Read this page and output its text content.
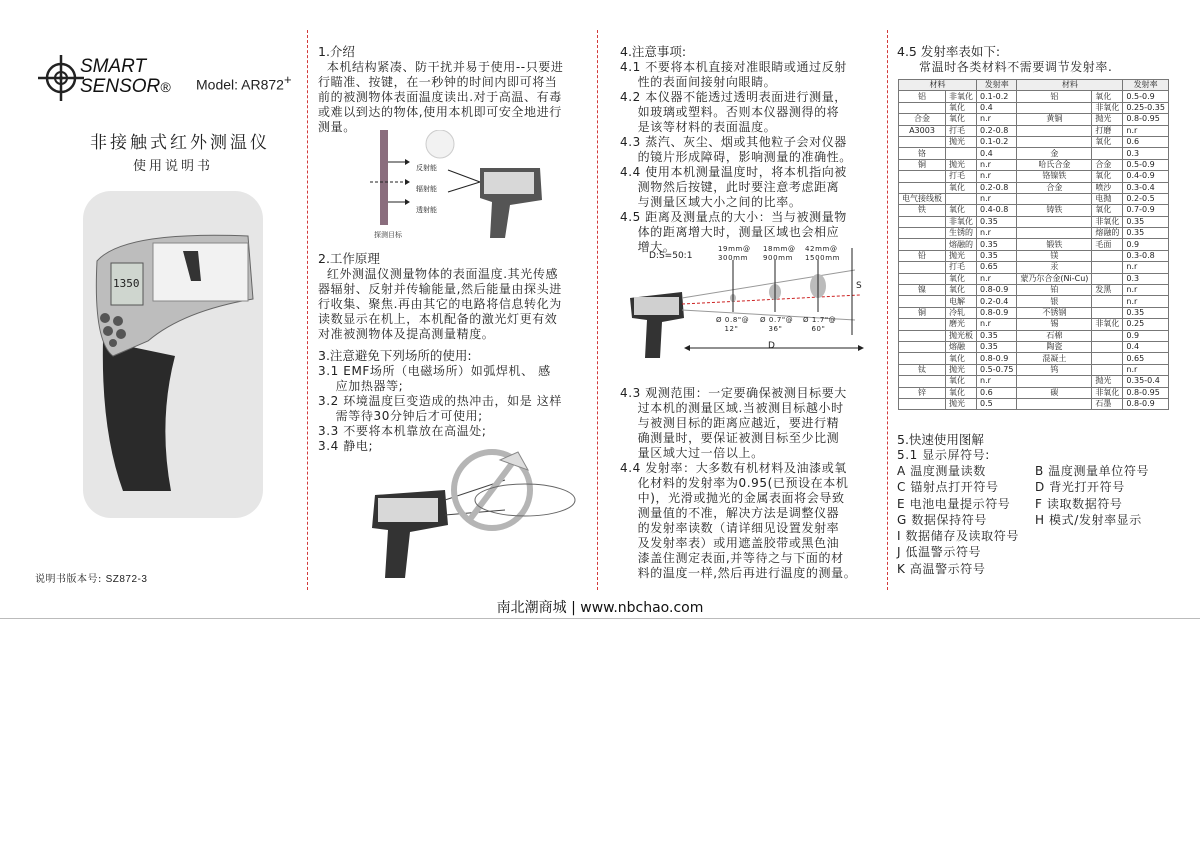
SMART
SENSOR® Model: AR872+
非接触式红外测温仪
使用说明书
1350
说明书版本号: SZ872-3

1.介绍

本机结构紧凑、防干扰并易于使用--只要进
行瞄准、按键，在一秒钟的时间内即可将当
前的被测物体表面温度读出.对于高温、有毒
或难以到达的物体,使用本机即可安全地进行
测量。

探测目标
反射能
辐射能
透射能

2.工作原理

红外测温仪测量物体的表面温度.其光传感
器辐射、反射并传输能量,然后能量由探头进
行收集、聚焦.再由其它的电路将信息转化为
读数显示在机上，本机配备的激光灯更有效
对准被测物体及提高测量精度。

3.注意避免下列场所的使用:

3.1 EMF场所（电磁场所）如弧焊机、 感
应加热器等;

3.2 环境温度巨变造成的热冲击，如是 这样
需等待30分钟后才可使用;

3.3 不要将本机靠放在高温处;

3.4 静电;

4.注意事项:

4.1 不要将本机直接对准眼睛或通过反射
性的表面间接射向眼睛。

4.2 本仪器不能透过透明表面进行测量，
如玻璃或塑料。否则本仪器测得的将
是该等材料的表面温度。

4.3 蒸汽、灰尘、烟或其他粒子会对仪器
的镜片形成障碍，影响测量的准确性。

4.4 使用本机测量温度时，将本机指向被
测物然后按键，此时要注意考虑距离
与测量区域大小之间的比率。

4.5 距离及测量点的大小：当与被测量物
体的距离增大时，测量区域也会相应
增大。

D:S=50:1
19mm@
300mm
18mm@
900mm
42mm@
1500mm
Ø 0.8"@
12"
Ø 0.7"@
36"
Ø 1.7"@
60"
S
D

4.3 观测范围：一定要确保被测目标要大
过本机的测量区域.当被测目标越小时
与被测目标的距离应越近，要进行精
确测量时，要保证被测目标至少比测
量区域大过一倍以上。

4.4 发射率：大多数有机材料及油漆或氧
化材料的发射率为0.95(已预设在本机
中)，光滑或抛光的金属表面将会导致
测量值的不准，解决方法是调整仪器
的发射率读数（请详细见设置发射率
及发射率表）或用遮盖胶带或黑色油
漆盖住测定表面,并等待之与下面的材
料的温度一样,然后再进行温度的测量。

4.5 发射率表如下:

常温时各类材料不需要调节发射率.

材料		发射率	材料		发射率
铝	非氧化	0.1-0.2	铝	氧化	0.5-0.9
	氧化	0.4		非氧化	0.25-0.35
合金	氧化	n.r	黄铜	抛光	0.8-0.95
A3003	打毛	0.2-0.8		打磨	n.r
	抛光	0.1-0.2		氧化	0.6
铬		0.4	金		0.3
铜	抛光	n.r	哈氏合金	合金	0.5-0.9
	打毛	n.r	铬镍铁	氧化	0.4-0.9
	氧化	0.2-0.8	合金	喷沙	0.3-0.4
电气接线板		n.r		电抛	0.2-0.5
铁	氧化	0.4-0.8	铸铁	氧化	0.7-0.9
	非氧化	0.35		非氧化	0.35
	生锈的	n.r		熔融的	0.35
	熔融的	0.35	锻铁	毛面	0.9
铅	抛光	0.35	镁		0.3-0.8
	打毛	0.65	汞		n.r
	氧化	n.r	蒙乃尔合金(Ni-Cu)		0.3
镍	氧化	0.8-0.9	铂	发黑	n.r
	电解	0.2-0.4	银		n.r
铜	冷轧	0.8-0.9	不锈钢		0.35
	磨光	n.r	锡	非氧化	0.25
	抛光板	0.35	石棉		0.9
	熔融	0.35	陶瓷		0.4
	氧化	0.8-0.9	混凝土		0.65
钛	抛光	0.5-0.75	钨		n.r
	氧化	n.r		抛光	0.35-0.4
锌	氧化	0.6	碳	非氧化	0.8-0.95
	抛光	0.5		石墨	0.8-0.9

5.快速使用图解

5.1 显示屏符号:

A 温度测量读数
C 锚射点打开符号
E 电池电量提示符号
G 数据保持符号
I 数据储存及读取符号
J 低温警示符号
K 高温警示符号
B 温度测量单位符号
D 背光打开符号
F 读取数据符号
H 模式/发射率显示
南北潮商城 | www.nbchao.com
